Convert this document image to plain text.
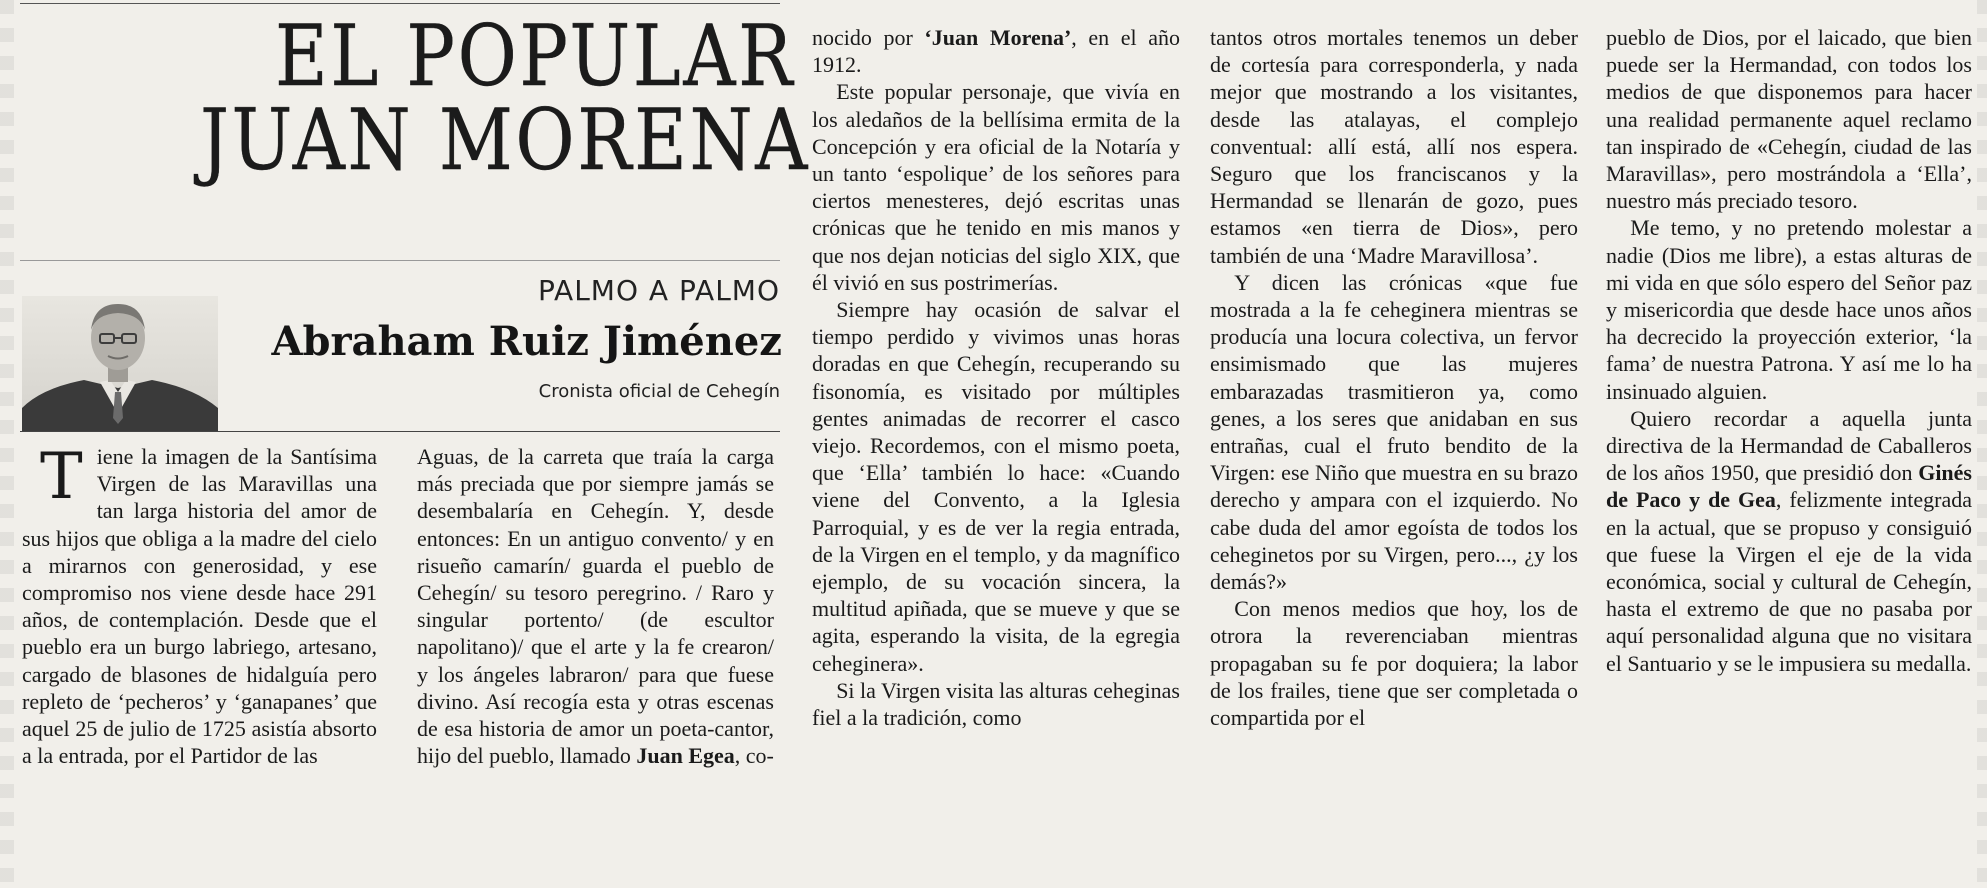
EL POPULAR
JUAN MORENA
PALMO A PALMO
Abraham Ruiz Jiménez
Cronista oficial de Cehegín

Tiene la imagen de la Santísima Virgen de las Maravillas una tan larga historia del amor de sus hijos que obliga a la madre del cielo a mirarnos con generosidad, y ese compromiso nos viene desde hace 291 años, de contemplación. Desde que el pueblo era un burgo labriego, artesano, cargado de blasones de hidalguía pero repleto de ‘pecheros’ y ‘ganapanes’ que aquel 25 de julio de 1725 asistía absorto a la entrada, por el Partidor de las

Aguas, de la carreta que traía la carga más preciada que por siempre jamás se desembalaría en Cehegín. Y, desde entonces: En un antiguo convento/ y en risueño camarín/ guarda el pueblo de Cehegín/ su tesoro peregrino. / Raro y singular portento/ (de escultor napolitano)/ que el arte y la fe crearon/ y los ángeles labraron/ para que fuese divino. Así recogía esta y otras escenas de esa historia de amor un poeta-cantor, hijo del pueblo, llamado Juan Egea, co-

nocido por ‘Juan Morena’, en el año 1912.

Este popular personaje, que vivía en los aledaños de la bellísima ermita de la Concepción y era oficial de la Notaría y un tanto ‘espolique’ de los señores para ciertos menesteres, dejó escritas unas crónicas que he tenido en mis manos y que nos dejan noticias del siglo XIX, que él vivió en sus postrimerías.

Siempre hay ocasión de salvar el tiempo perdido y vivimos unas horas doradas en que Cehegín, recuperando su fisonomía, es visitado por múltiples gentes animadas de recorrer el casco viejo. Recordemos, con el mismo poeta, que ‘Ella’ también lo hace: «Cuando viene del Convento, a la Iglesia Parroquial, y es de ver la regia entrada, de la Virgen en el templo, y da magnífico ejemplo, de su vocación sincera, la multitud apiñada, que se mueve y que se agita, esperando la visita, de la egregia ceheginera».

Si la Virgen visita las alturas ceheginas fiel a la tradición, como

tantos otros mortales tenemos un deber de cortesía para corresponderla, y nada mejor que mostrando a los visitantes, desde las atalayas, el complejo conventual: allí está, allí nos espera. Seguro que los franciscanos y la Hermandad se llenarán de gozo, pues estamos «en tierra de Dios», pero también de una ‘Madre Maravillosa’.

Y dicen las crónicas «que fue mostrada a la fe ceheginera mientras se producía una locura colectiva, un fervor ensimismado que las mujeres embarazadas trasmitieron ya, como genes, a los seres que anidaban en sus entrañas, cual el fruto bendito de la Virgen: ese Niño que muestra en su brazo derecho y ampara con el izquierdo. No cabe duda del amor egoísta de todos los ceheginetos por su Virgen, pero..., ¿y los demás?»

Con menos medios que hoy, los de otrora la reverenciaban mientras propagaban su fe por doquiera; la labor de los frailes, tiene que ser completada o compartida por el

pueblo de Dios, por el laicado, que bien puede ser la Hermandad, con todos los medios de que disponemos para hacer una realidad permanente aquel reclamo tan inspirado de «Cehegín, ciudad de las Maravillas», pero mostrándola a ‘Ella’, nuestro más preciado tesoro.

Me temo, y no pretendo molestar a nadie (Dios me libre), a estas alturas de mi vida en que sólo espero del Señor paz y misericordia que desde hace unos años ha decrecido la proyección exterior, ‘la fama’ de nuestra Patrona. Y así me lo ha insinuado alguien.

Quiero recordar a aquella junta directiva de la Hermandad de Caballeros de los años 1950, que presidió don Ginés de Paco y de Gea, felizmente integrada en la actual, que se propuso y consiguió que fuese la Virgen el eje de la vida económica, social y cultural de Cehegín, hasta el extremo de que no pasaba por aquí personalidad alguna que no visitara el Santuario y se le impusiera su medalla.
